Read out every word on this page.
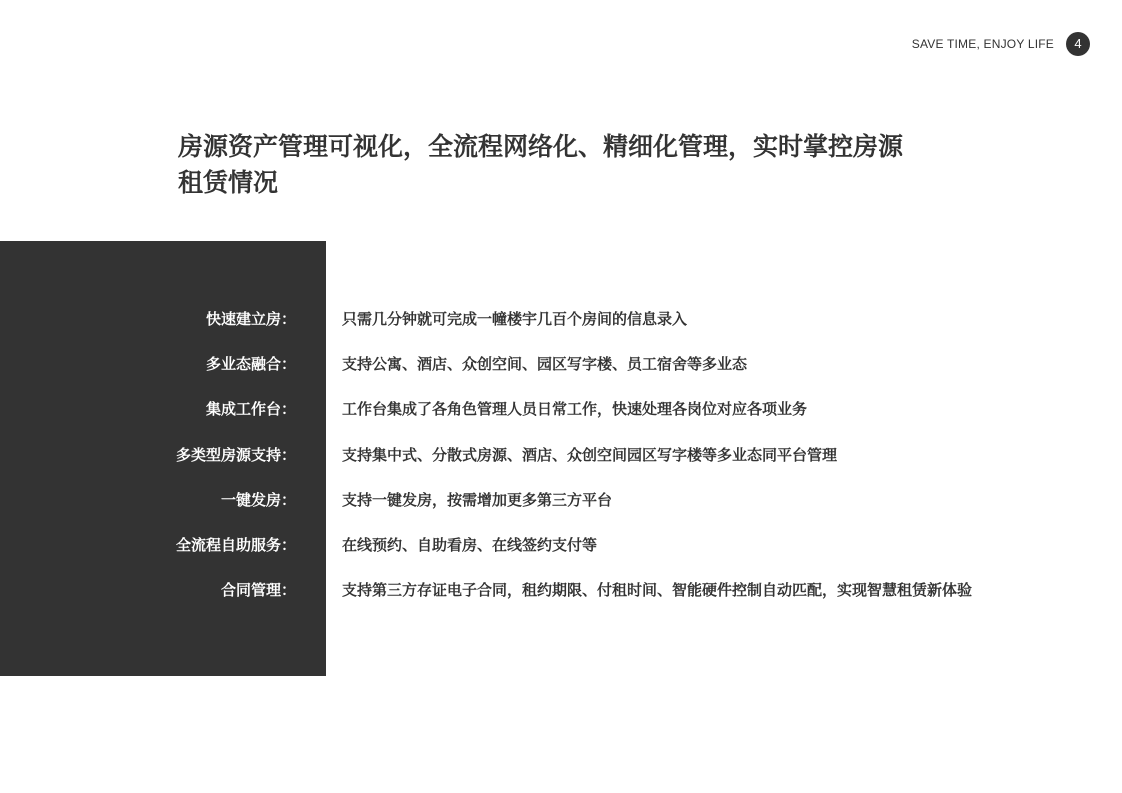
SAVE TIME, ENJOY LIFE	4
房源资产管理可视化，全流程网络化、精细化管理，实时掌控房源
租赁情况
快速建立房：	只需几分钟就可完成一幢楼宇几百个房间的信息录入
多业态融合：	支持公寓、酒店、众创空间、园区写字楼、员工宿舍等多业态
集成工作台：	工作台集成了各角色管理人员日常工作，快速处理各岗位对应各项业务
多类型房源支持：	支持集中式、分散式房源、酒店、众创空间园区写字楼等多业态同平台管理
一键发房：	支持一键发房，按需增加更多第三方平台
全流程自助服务：	在线预约、自助看房、在线签约支付等
合同管理：	支持第三方存证电子合同，租约期限、付租时间、智能硬件控制自动匹配，实现智慧租赁新体验
